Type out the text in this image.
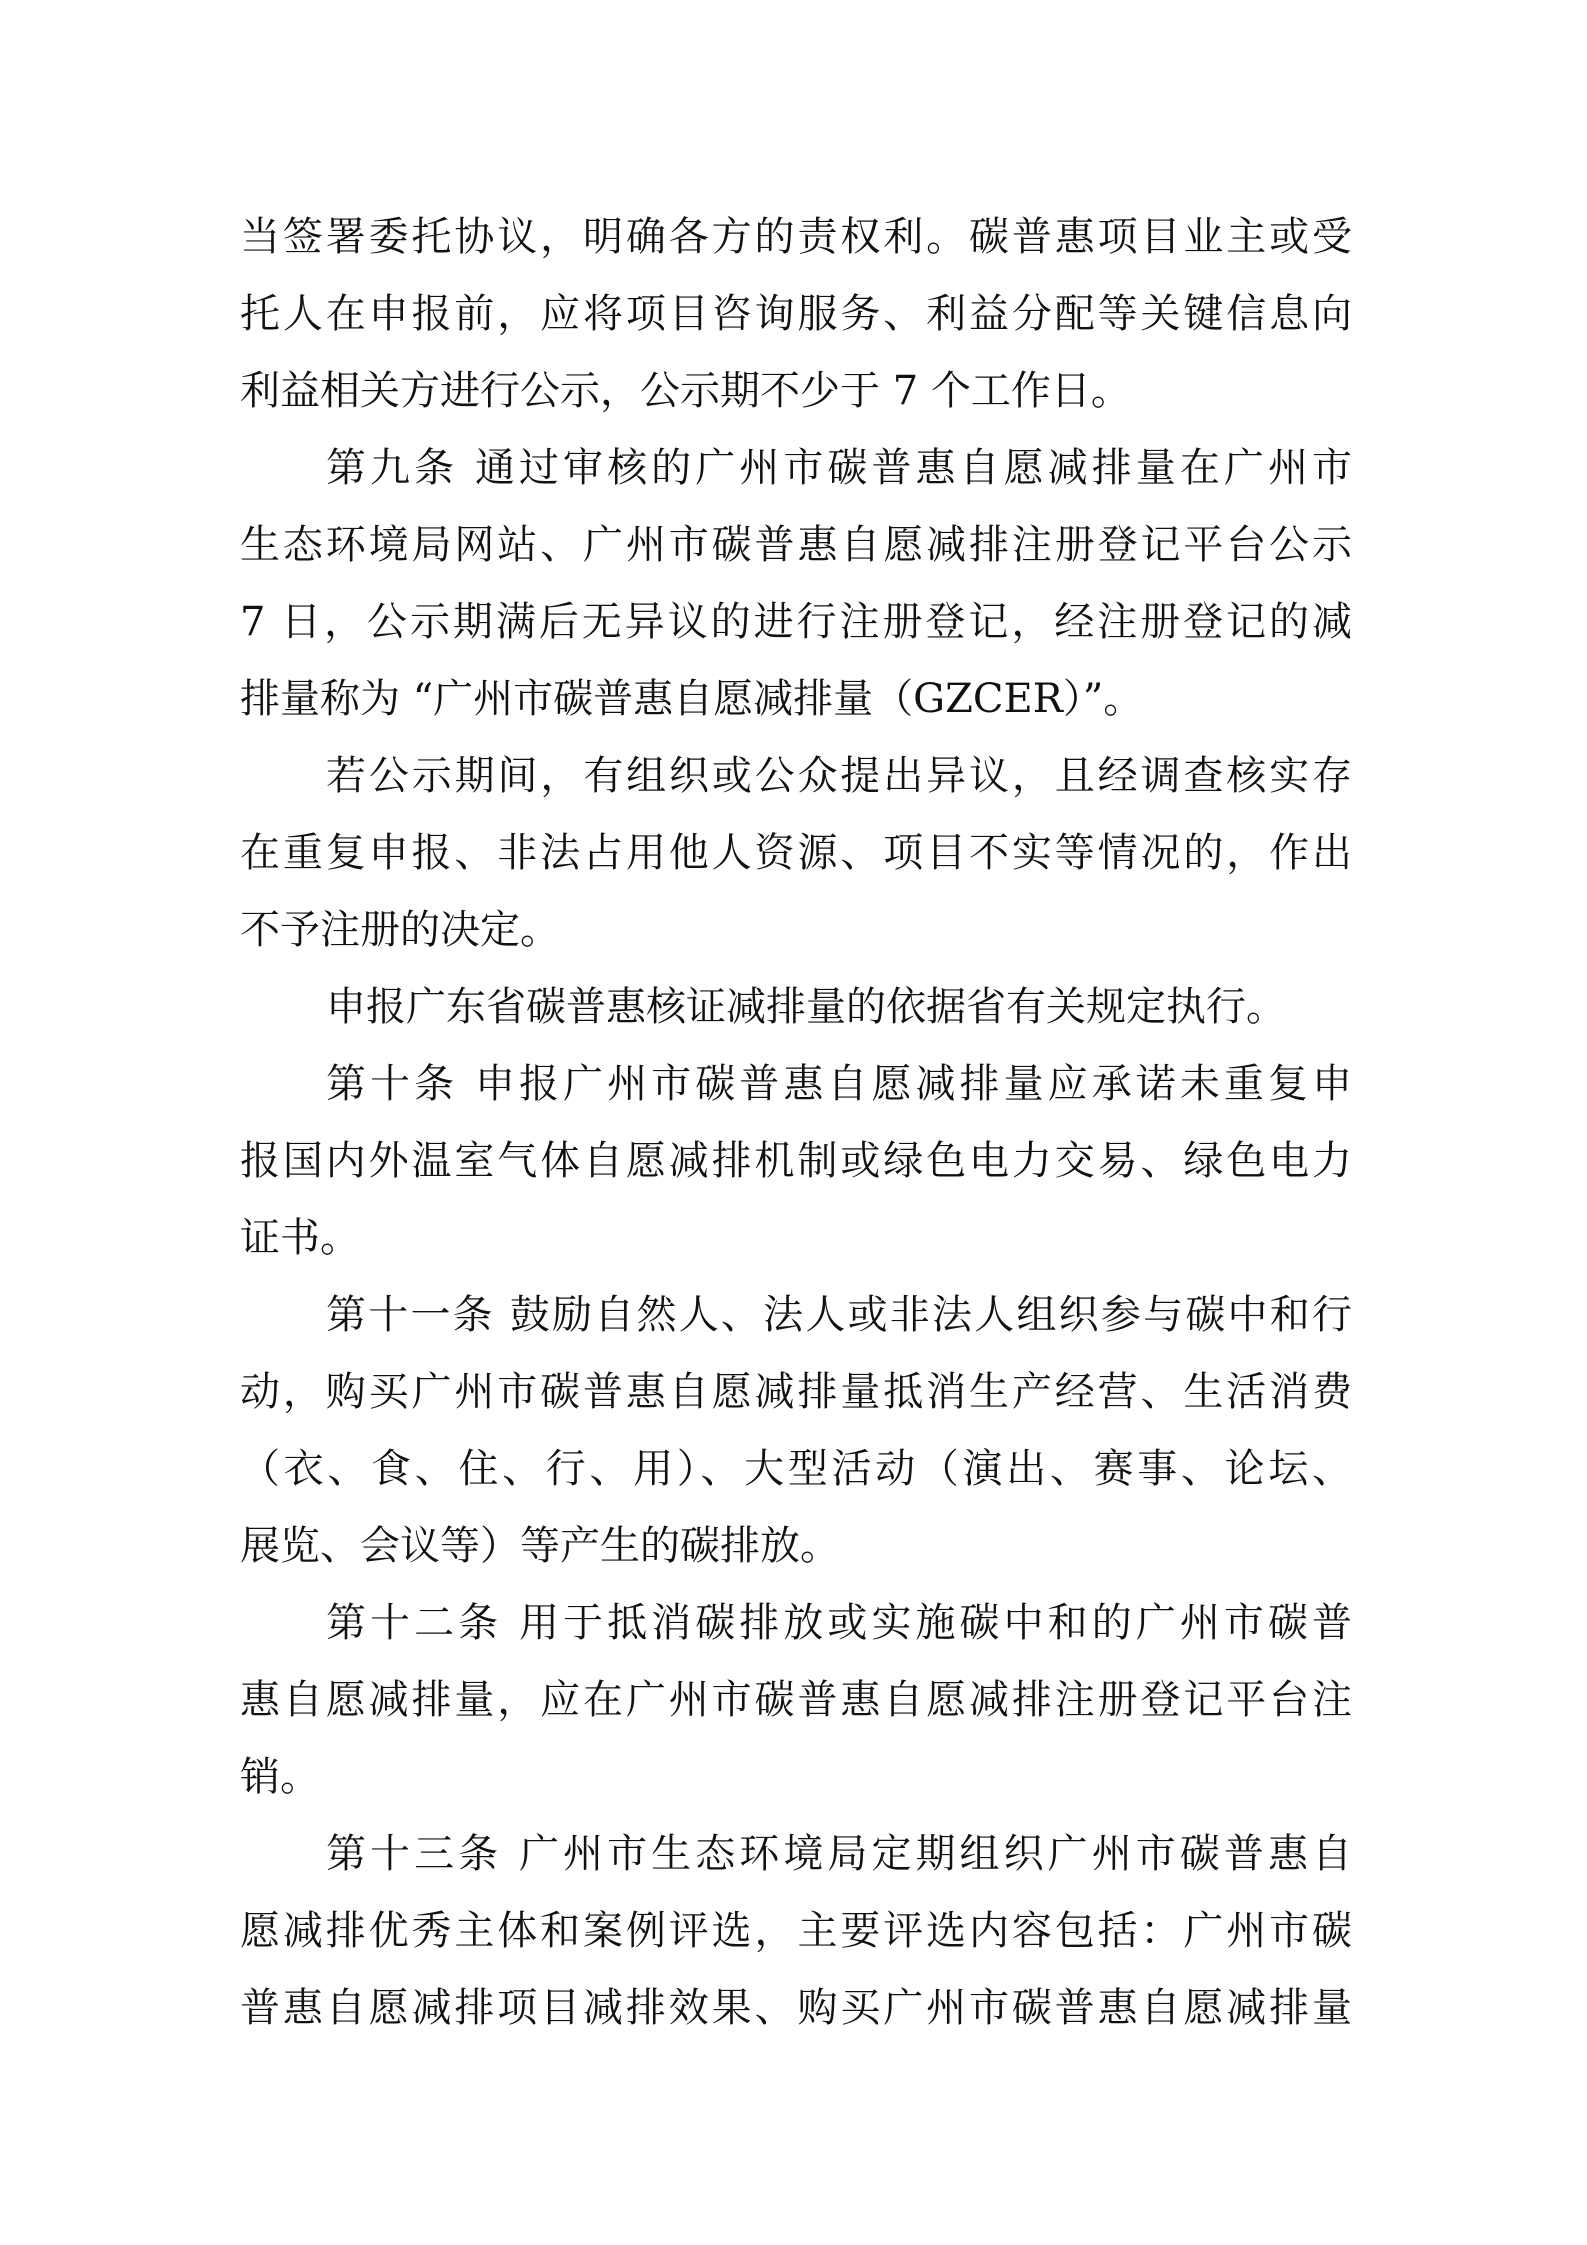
当签署委托协议，明确各方的责权利。碳普惠项目业主或受
托人在申报前，应将项目咨询服务、利益分配等关键信息向
利益相关方进行公示，公示期不少于 7 个工作日。
第九条 通过审核的广州市碳普惠自愿减排量在广州市
生态环境局网站、广州市碳普惠自愿减排注册登记平台公示
7 日，公示期满后无异议的进行注册登记，经注册登记的减
排量称为 “广州市碳普惠自愿减排量（GZCER）”。
若公示期间，有组织或公众提出异议，且经调查核实存
在重复申报、非法占用他人资源、项目不实等情况的，作出
不予注册的决定。
申报广东省碳普惠核证减排量的依据省有关规定执行。
第十条 申报广州市碳普惠自愿减排量应承诺未重复申
报国内外温室气体自愿减排机制或绿色电力交易、绿色电力
证书。
第十一条 鼓励自然人、法人或非法人组织参与碳中和行
动，购买广州市碳普惠自愿减排量抵消生产经营、生活消费
（衣、食、住、行、用）、大型活动（演出、赛事、论坛、
展览、会议等）等产生的碳排放。
第十二条 用于抵消碳排放或实施碳中和的广州市碳普
惠自愿减排量，应在广州市碳普惠自愿减排注册登记平台注
销。
第十三条 广州市生态环境局定期组织广州市碳普惠自
愿减排优秀主体和案例评选，主要评选内容包括：广州市碳
普惠自愿减排项目减排效果、购买广州市碳普惠自愿减排量
